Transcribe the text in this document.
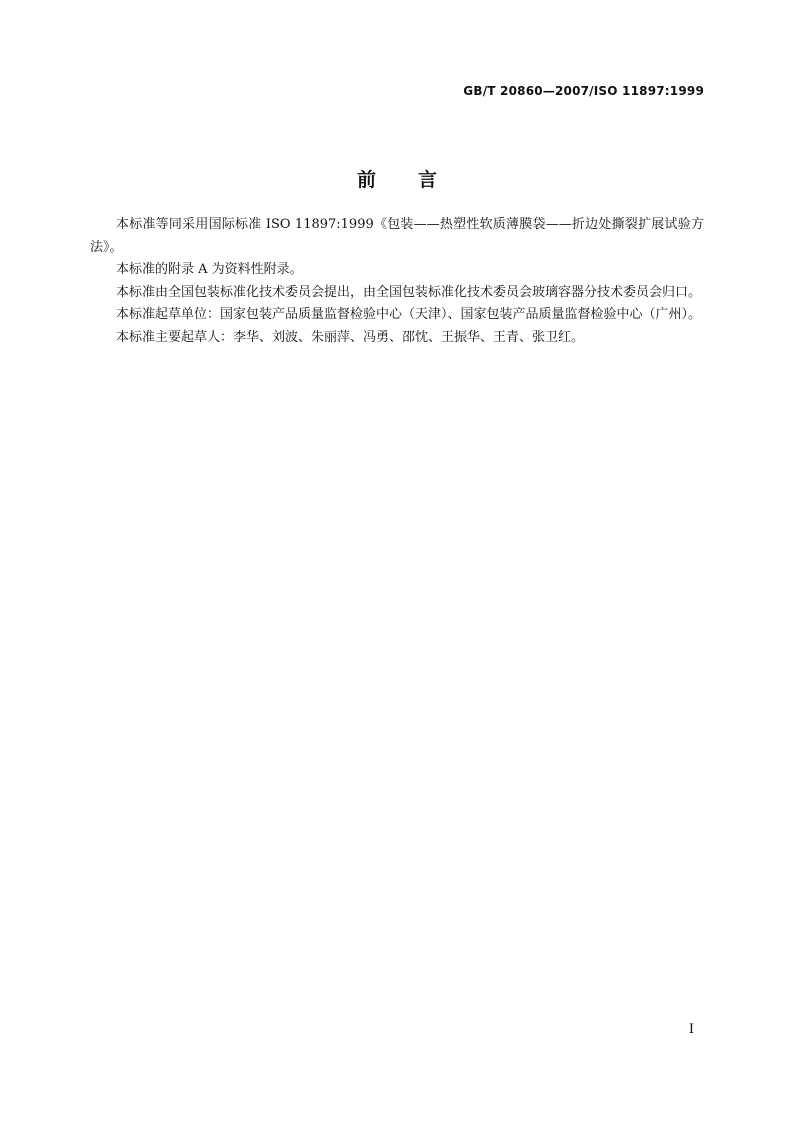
GB/T 20860—2007/ISO 11897:1999
前言

本标准等同采用国际标准 ISO 11897:1999《包装——热塑性软质薄膜袋——折边处撕裂扩展试验方法》。

本标准的附录 A 为资料性附录。

本标准由全国包装标准化技术委员会提出，由全国包装标准化技术委员会玻璃容器分技术委员会归口。

本标准起草单位：国家包装产品质量监督检验中心（天津）、国家包装产品质量监督检验中心（广州）。

本标准主要起草人：李华、刘波、朱丽萍、冯勇、邵忱、王振华、王青、张卫红。

I
